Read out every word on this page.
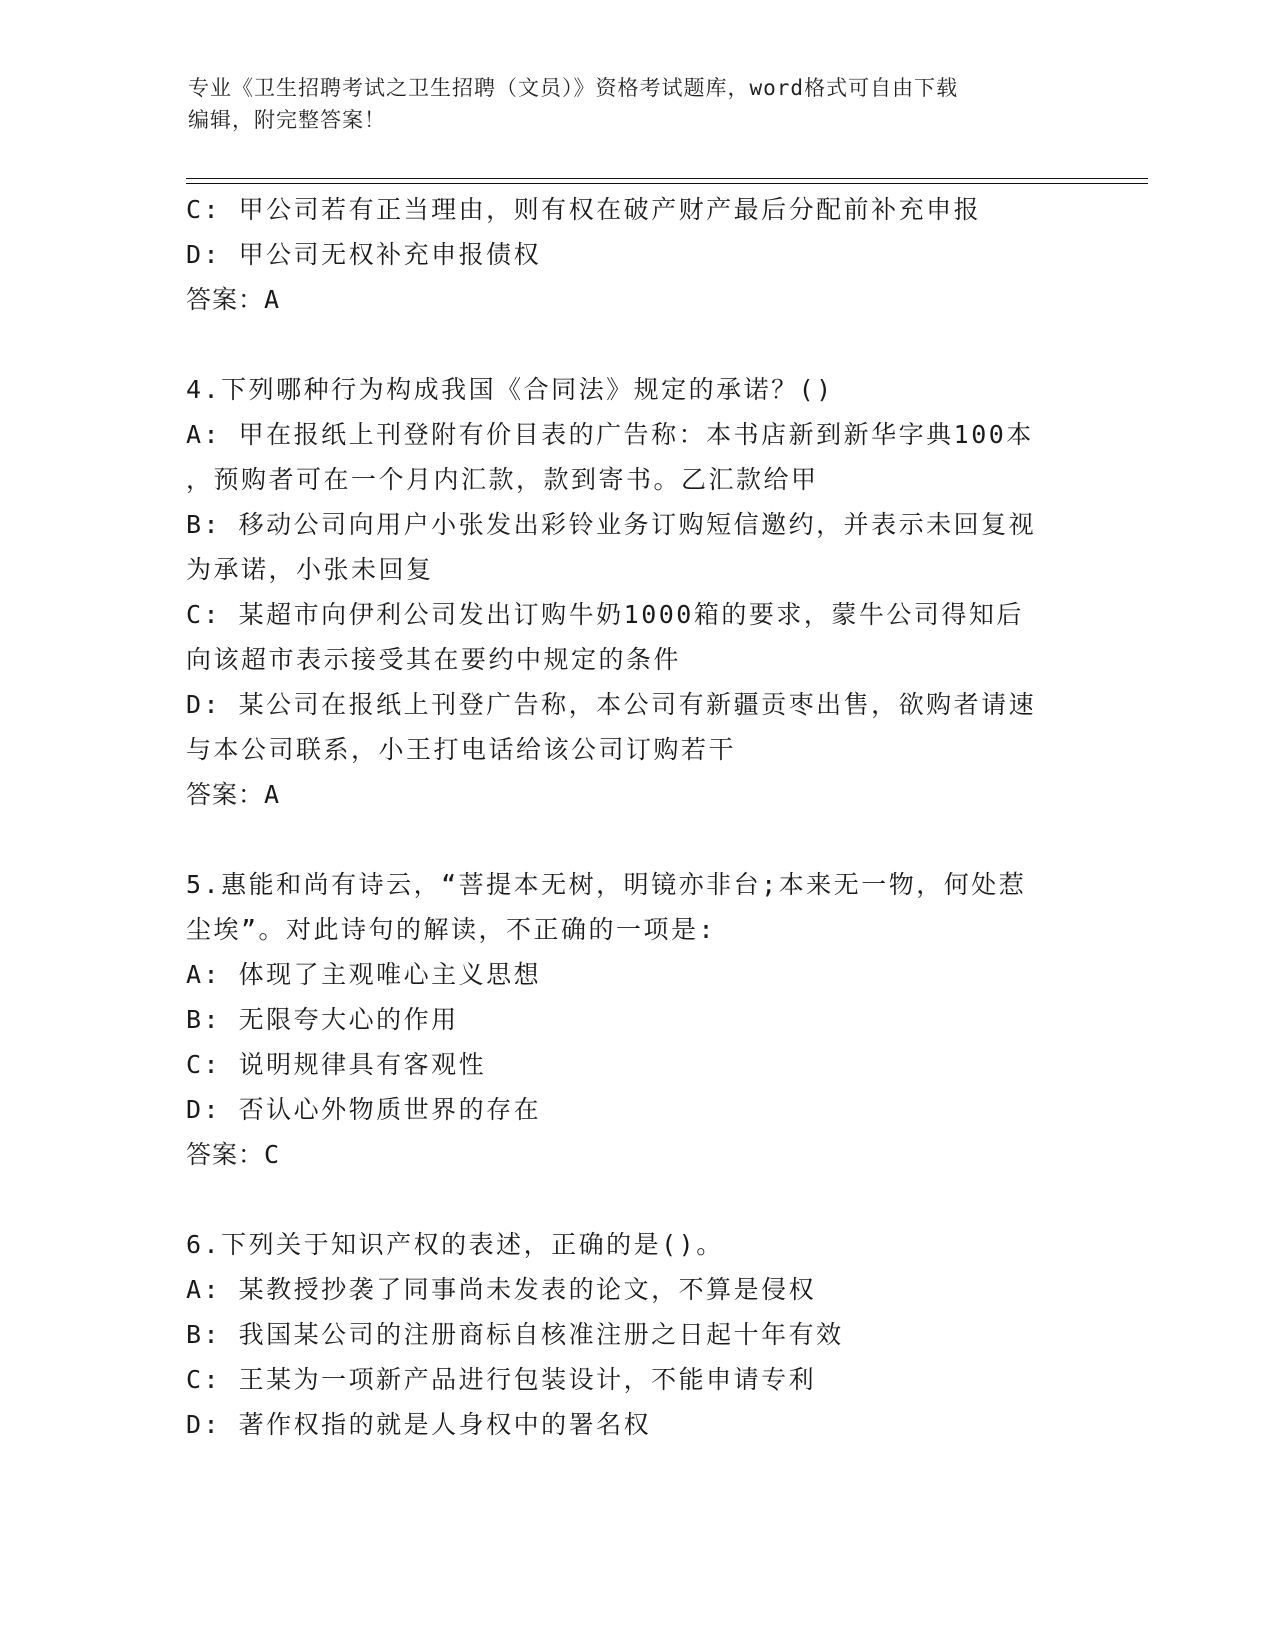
专业《卫生招聘考试之卫生招聘（文员）》资格考试题库，word格式可自由下载
编辑，附完整答案！
C: 甲公司若有正当理由，则有权在破产财产最后分配前补充申报
D: 甲公司无权补充申报债权
答案：A
4.下列哪种行为构成我国《合同法》规定的承诺？()
A: 甲在报纸上刊登附有价目表的广告称：本书店新到新华字典100本
，预购者可在一个月内汇款，款到寄书。乙汇款给甲
B: 移动公司向用户小张发出彩铃业务订购短信邀约，并表示未回复视
为承诺，小张未回复
C: 某超市向伊利公司发出订购牛奶1000箱的要求，蒙牛公司得知后
向该超市表示接受其在要约中规定的条件
D: 某公司在报纸上刊登广告称，本公司有新疆贡枣出售，欲购者请速
与本公司联系，小王打电话给该公司订购若干
答案：A
5.惠能和尚有诗云，“菩提本无树，明镜亦非台;本来无一物，何处惹
尘埃”。对此诗句的解读，不正确的一项是:
A: 体现了主观唯心主义思想
B: 无限夸大心的作用
C: 说明规律具有客观性
D: 否认心外物质世界的存在
答案：C
6.下列关于知识产权的表述，正确的是()。
A: 某教授抄袭了同事尚未发表的论文，不算是侵权
B: 我国某公司的注册商标自核准注册之日起十年有效
C: 王某为一项新产品进行包装设计，不能申请专利
D: 著作权指的就是人身权中的署名权
